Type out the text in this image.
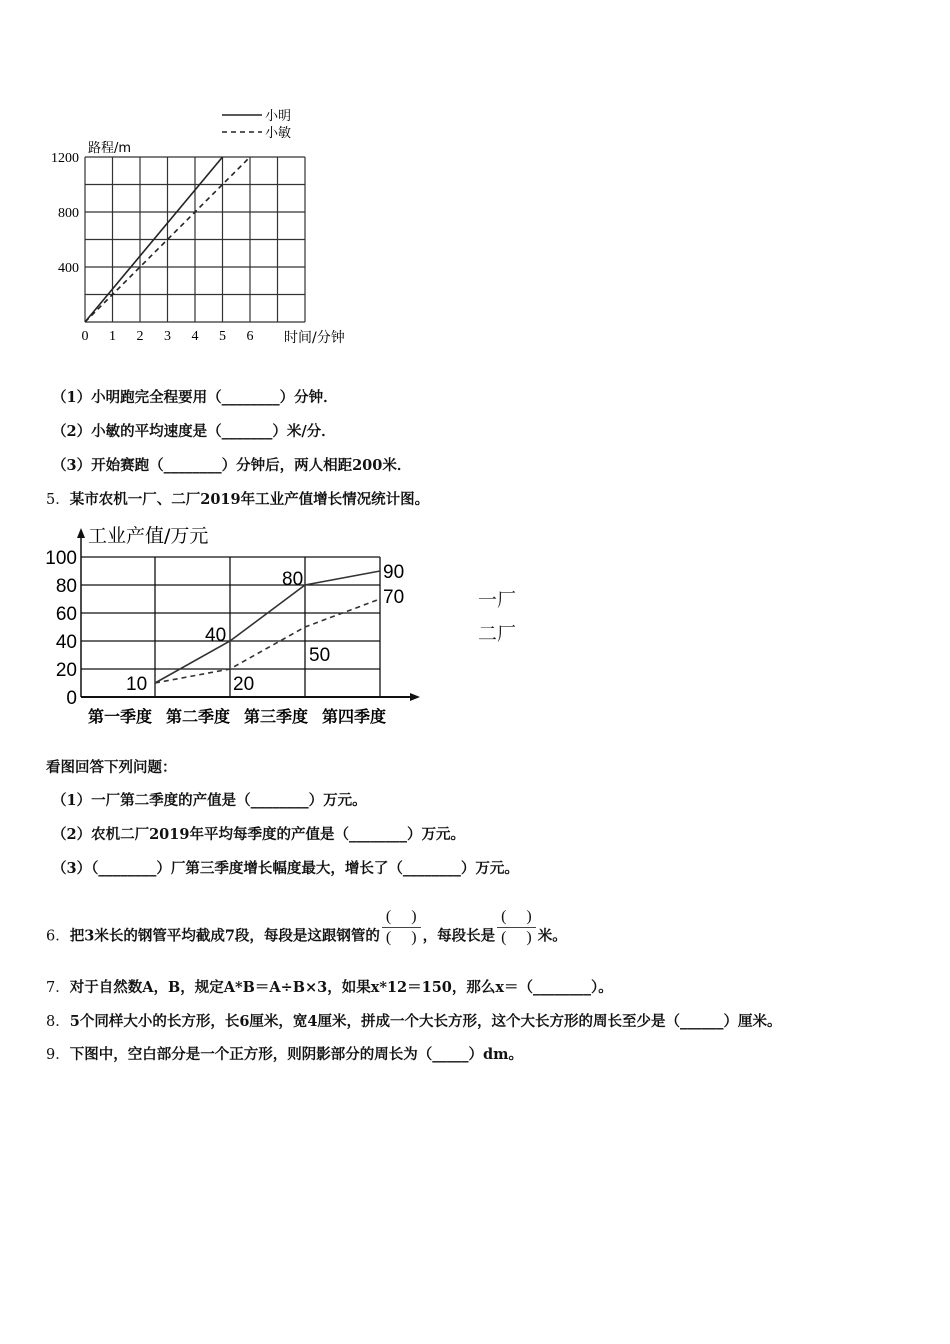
0 1 2 3 4 5 6
400
800
1200
路程/m
时间/分钟
小明
小敏
0
20
40
60
80
100
工业产值/万元
第一季度 第二季度 第三季度 第四季度
10
40
80	90
20
50
70	一厂
二厂
（1）小明跑完全程要用（________）分钟．
（2）小敏的平均速度是（_______）米/分．
（3）开始赛跑（________）分钟后，两人相距200米．
5．某市农机一厂、二厂2019年工业产值增长情况统计图。
看图回答下列问题：
（1）一厂第二季度的产值是（________）万元。
（2）农机二厂2019年平均每季度的产值是（________）万元。
（3）（________）厂第三季度增长幅度最大，增长了（________）万元。
6．把3米长的钢管平均截成7段，每段是这跟钢管的 $\frac{( )}{( )}$ ，每段长是 $\frac{( )}{( )}$ 米。
7．对于自然数A，B，规定A*B＝A÷B×3，如果x*12＝150，那么x＝（________）。
8．5个同样大小的长方形，长6厘米，宽4厘米，拼成一个大长方形，这个大长方形的周长至少是（______）厘米。
9．下图中，空白部分是一个正方形，则阴影部分的周长为（_____）dm。
